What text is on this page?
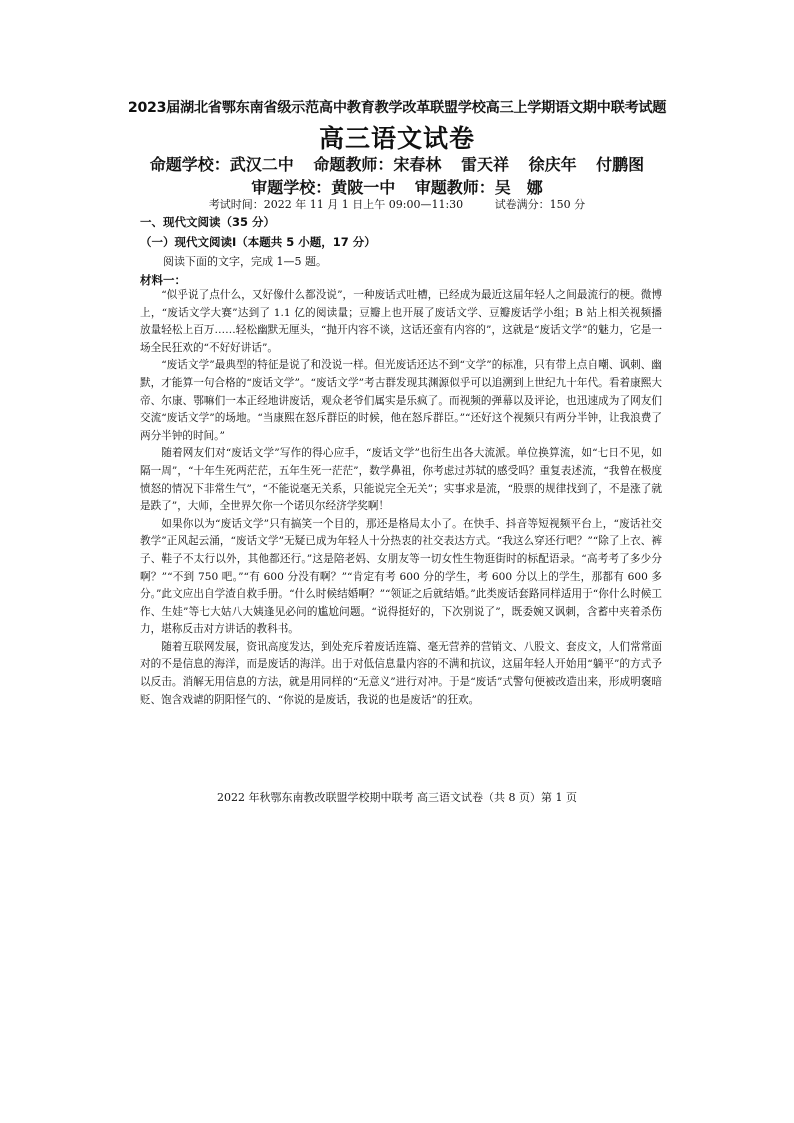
2023届湖北省鄂东南省级示范高中教育教学改革联盟学校高三上学期语文期中联考试题
高三语文试卷
命题学校：武汉二中 命题教师：宋春林 雷天祥 徐庆年 付鹏图
审题学校：黄陂一中 审题教师：吴　娜
考试时间：2022 年 11 月 1 日上午 09:00—11:30	试卷满分：150 分
一、现代文阅读（35 分）
（一）现代文阅读Ⅰ（本题共 5 小题，17 分）
阅读下面的文字，完成 1—5 题。
材料一：

“似乎说了点什么，又好像什么都没说”，一种废话式吐槽，已经成为最近这届年轻人之间最流行的梗。微博上，“废话文学大赛”达到了 1.1 亿的阅读量；豆瓣上也开展了废话文学、豆瓣废话学小组；B 站上相关视频播放量轻松上百万……轻松幽默无厘头，“抛开内容不谈，这话还蛮有内容的”，这就是“废话文学”的魅力，它是一场全民狂欢的“不好好讲话”。

“废话文学”最典型的特征是说了和没说一样。但光废话还达不到“文学”的标准，只有带上点自嘲、讽刺、幽默，才能算一句合格的“废话文学”。“废话文学”考古群发现其渊源似乎可以追溯到上世纪九十年代。看着康熙大帝、尔康、鄂嘛们一本正经地讲废话，观众老爷们属实是乐疯了。而视频的弹幕以及评论，也迅速成为了网友们交流“废话文学”的场地。“当康熙在怒斥群臣的时候，他在怒斥群臣。”“还好这个视频只有两分半钟，让我浪费了两分半钟的时间。”

随着网友们对“废话文学”写作的得心应手，“废话文学”也衍生出各大流派。单位换算流，如“七日不见，如隔一周”，“十年生死两茫茫，五年生死一茫茫”，数学鼻祖，你考虑过苏轼的感受吗？重复表述流，“我曾在极度愤怒的情况下非常生气”，“不能说毫无关系，只能说完全无关”；实事求是流，“股票的规律找到了，不是涨了就是跌了”，大师，全世界欠你一个诺贝尔经济学奖啊！

如果你以为“废话文学”只有搞笑一个目的，那还是格局太小了。在快手、抖音等短视频平台上，“废话社交教学”正风起云涌，“废话文学”无疑已成为年轻人十分热衷的社交表达方式。“我这么穿还行吧？”“除了上衣、裤子、鞋子不太行以外，其他都还行。”这是陪老妈、女朋友等一切女性生物逛街时的标配语录。“高考考了多少分啊？”“不到 750 吧。”“有 600 分没有啊？”“肯定有考 600 分的学生，考 600 分以上的学生，那都有 600 多分。”此文应出自学渣自救手册。“什么时候结婚啊？”“领证之后就结婚。”此类废话套路同样适用于“你什么时候工作、生娃”等七大姑八大姨逢见必问的尴尬问题。“说得挺好的，下次别说了”，既委婉又讽刺，含蓄中夹着杀伤力，堪称反击对方讲话的教科书。

随着互联网发展，资讯高度发达，到处充斥着废话连篇、毫无营养的营销文、八股文、套皮文，人们常常面对的不是信息的海洋，而是废话的海洋。出于对低信息量内容的不满和抗议，这届年轻人开始用“躺平”的方式予以反击。消解无用信息的方法，就是用同样的“无意义”进行对冲。于是“废话”式警句便被改造出来，形成明褒暗贬、饱含戏谑的阴阳怪气的、“你说的是废话，我说的也是废话”的狂欢。

2022 年秋鄂东南教改联盟学校期中联考 高三语文试卷（共 8 页）第 1 页
